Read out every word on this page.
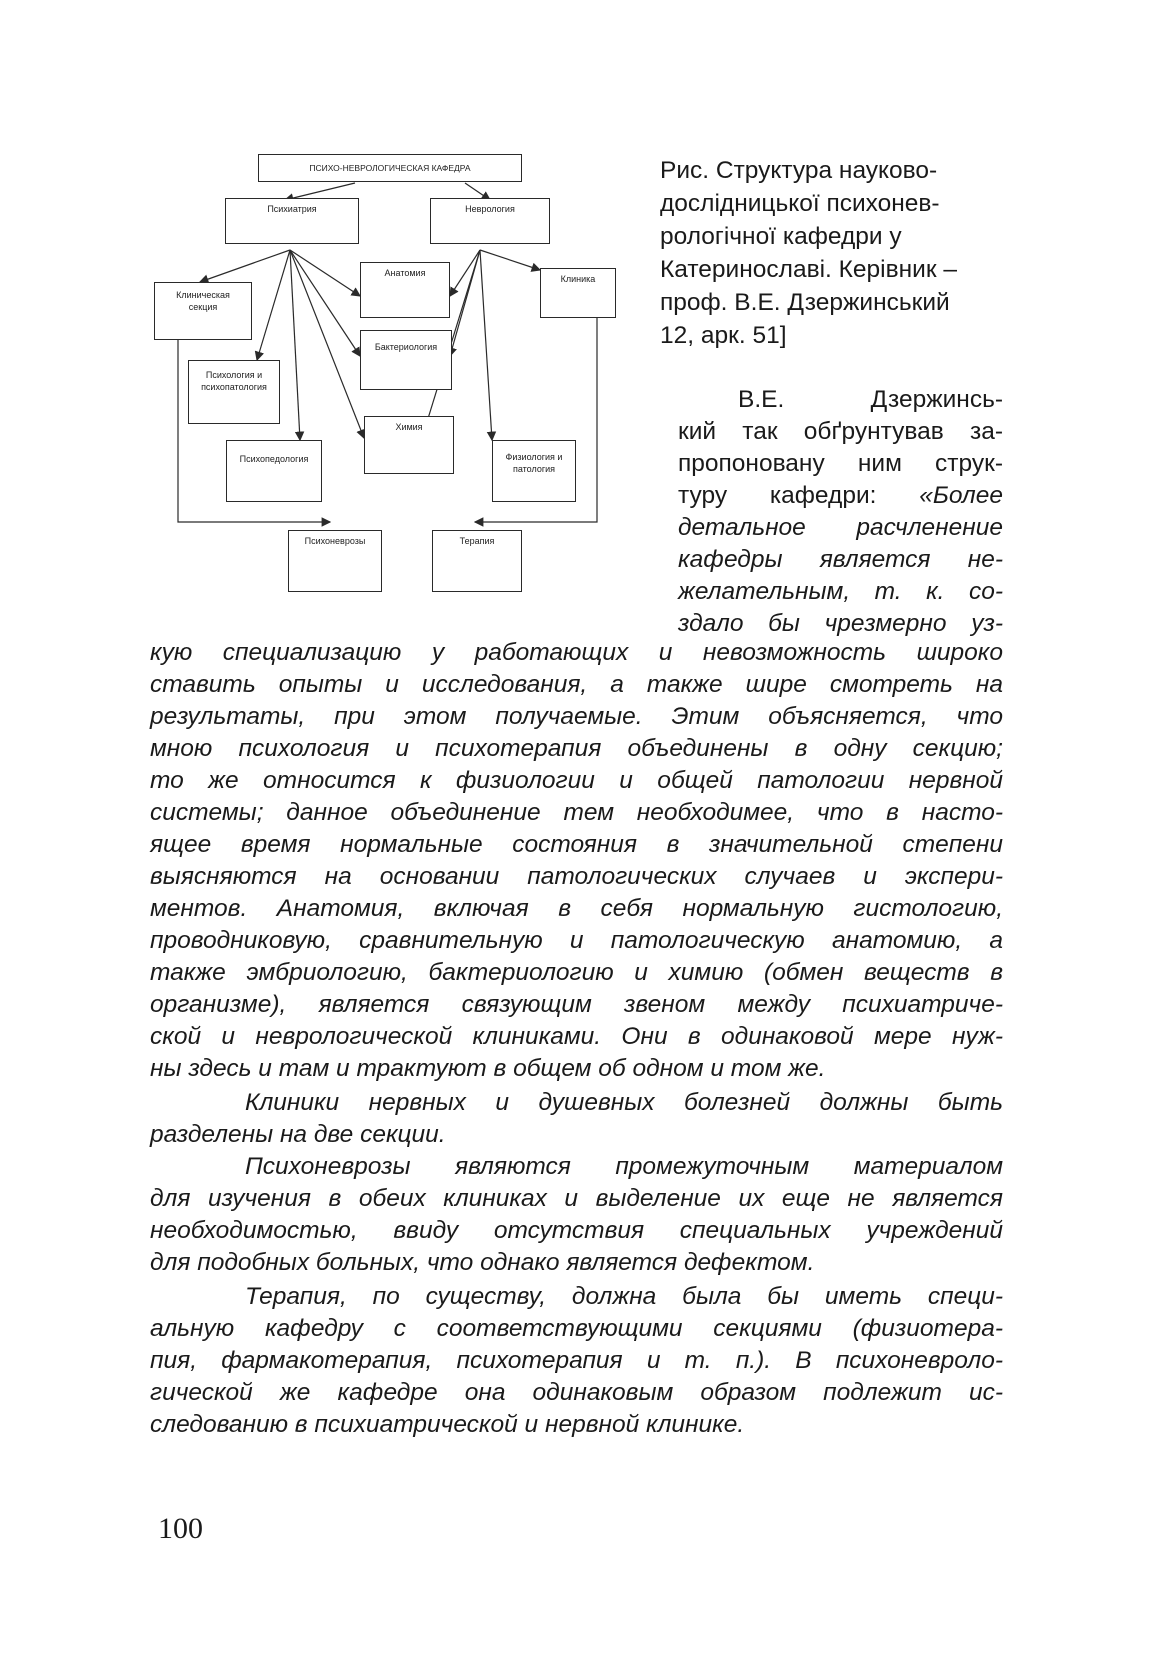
ПСИХО-НЕВРОЛОГИЧЕСКАЯ КАФЕДРА
Психиатрия	Неврология
Клиническая секция
Анатомия
Клиника
Бактериология
Психология и психопатология
Химия
Психопедология	Физиология и патология
Психоневрозы	Терапия
Рис. Структура науково-
дослідницької психонев-
рологічної кафедри у
Катеринославі. Керівник –
проф. В.Е. Дзержинський
12, арк. 51]
В.Е. Дзержинсь-
кий так обґрунтував за-
пропоновану ним струк-
туру кафедри: «Более
детальное расчленение
кафедры является не-
желательным, т. к. со-
здало бы чрезмерно уз-
кую специализацию у работающих и невозможность широко
ставить опыты и исследования, а также шире смотреть на
результаты, при этом получаемые. Этим объясняется, что
мною психология и психотерапия объединены в одну секцию;
то же относится к физиологии и общей патологии нервной
системы; данное объединение тем необходимее, что в насто-
ящее время нормальные состояния в значительной степени
выясняются на основании патологических случаев и экспери-
ментов. Анатомия, включая в себя нормальную гистологию,
проводниковую, сравнительную и патологическую анатомию, а
также эмбриологию, бактериологию и химию (обмен веществ в
организме), является связующим звеном между психиатриче-
ской и неврологической клиниками. Они в одинаковой мере нуж-
ны здесь и там и трактуют в общем об одном и том же.
Клиники нервных и душевных болезней должны быть
разделены на две секции.
Психоневрозы являются промежуточным материалом
для изучения в обеих клиниках и выделение их еще не является
необходимостью, ввиду отсутствия специальных учреждений
для подобных больных, что однако является дефектом.
Терапия, по существу, должна была бы иметь специ-
альную кафедру с соответствующими секциями (физиотера-
пия, фармакотерапия, психотерапия и т. п.). В психоневроло-
гической же кафедре она одинаковым образом подлежит ис-
следованию в психиатрической и нервной клинике.
100
